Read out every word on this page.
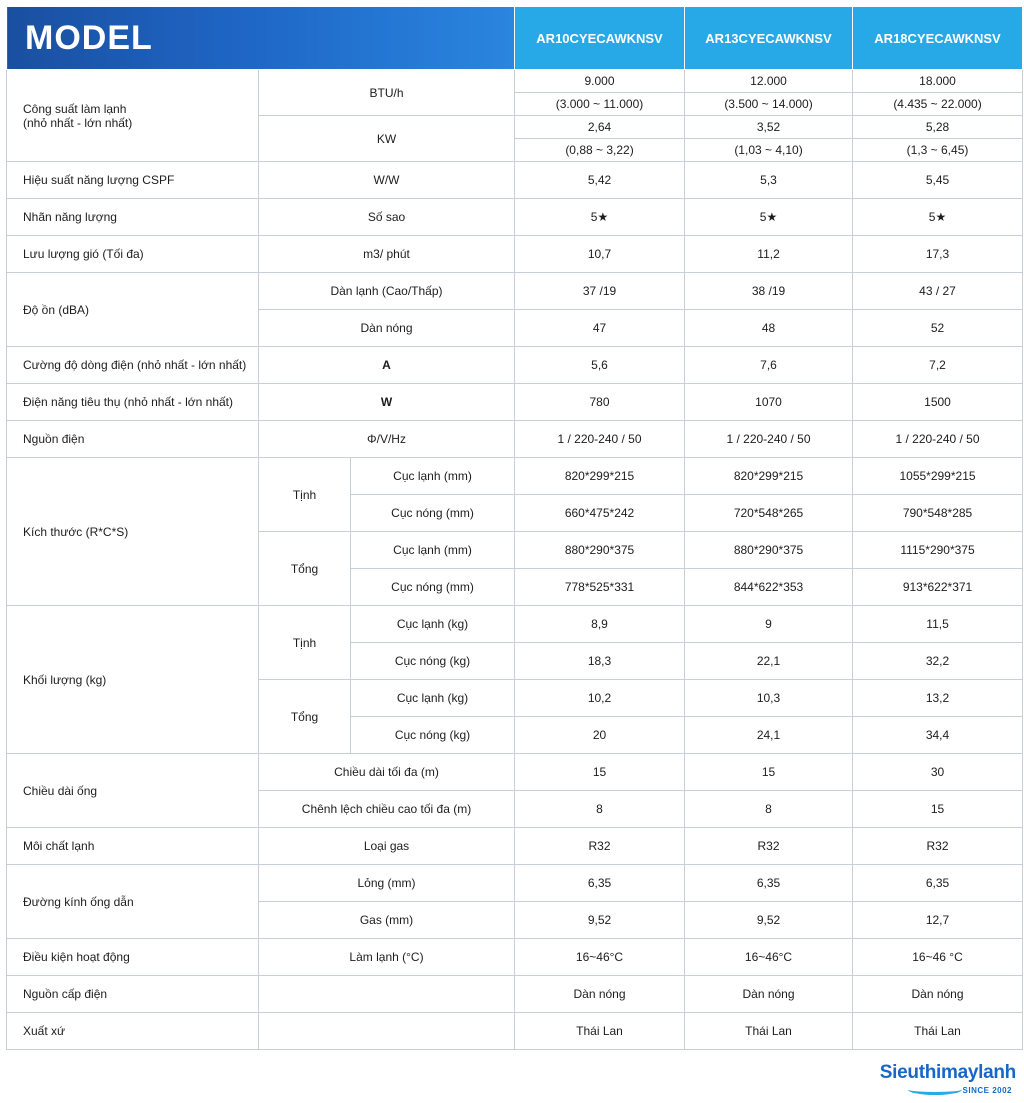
MODEL			AR10CYECAWKNSV	AR13CYECAWKNSV	AR18CYECAWKNSV

Công suất làm lạnh
(nhỏ nhất - lớn nhất)	BTU/h		9.000	12.000	18.000
			(3.000 ~ 11.000)	(3.500 ~ 14.000)	(4.435 ~ 22.000)
	KW		2,64	3,52	5,28
			(0,88 ~ 3,22)	(1,03 ~ 4,10)	(1,3 ~ 6,45)
Hiệu suất năng lượng CSPF	W/W		5,42	5,3	5,45
Nhãn năng lượng	Số sao		5★	5★	5★
Lưu lượng gió (Tối đa)	m3/ phút		10,7	11,2	17,3
Độ ồn (dBA)	Dàn lạnh (Cao/Thấp)		37 /19	38 /19	43 / 27
	Dàn nóng		47	48	52
Cường độ dòng điện (nhỏ nhất - lớn nhất)	A		5,6	7,6	7,2
Điện năng tiêu thụ (nhỏ nhất - lớn nhất)	W		780	1070	1500
Nguồn điện	Φ/V/Hz		1 / 220-240 / 50	1 / 220-240 / 50	1 / 220-240 / 50
Kích thước (R*C*S)	Tịnh	Cục lạnh (mm)	820*299*215	820*299*215	1055*299*215
		Cục nóng (mm)	660*475*242	720*548*265	790*548*285
	Tổng	Cục lạnh (mm)	880*290*375	880*290*375	1115*290*375
		Cục nóng (mm)	778*525*331	844*622*353	913*622*371
Khối lượng (kg)	Tịnh	Cục lạnh (kg)	8,9	9	11,5
		Cục nóng (kg)	18,3	22,1	32,2
	Tổng	Cục lạnh (kg)	10,2	10,3	13,2
		Cục nóng (kg)	20	24,1	34,4
Chiều dài ống	Chiều dài tối đa (m)		15	15	30
	Chênh lệch chiều cao tối đa (m)		8	8	15
Môi chất lạnh	Loại gas		R32	R32	R32
Đường kính ống dẫn	Lỏng (mm)		6,35	6,35	6,35
	Gas (mm)		9,52	9,52	12,7
Điều kiện hoạt động	Làm lạnh (°C)		16~46°C	16~46°C	16~46 °C
Nguồn cấp điện			Dàn nóng	Dàn nóng	Dàn nóng
Xuất xứ			Thái Lan	Thái Lan	Thái Lan
Sieuthimaylanh
SINCE 2002
